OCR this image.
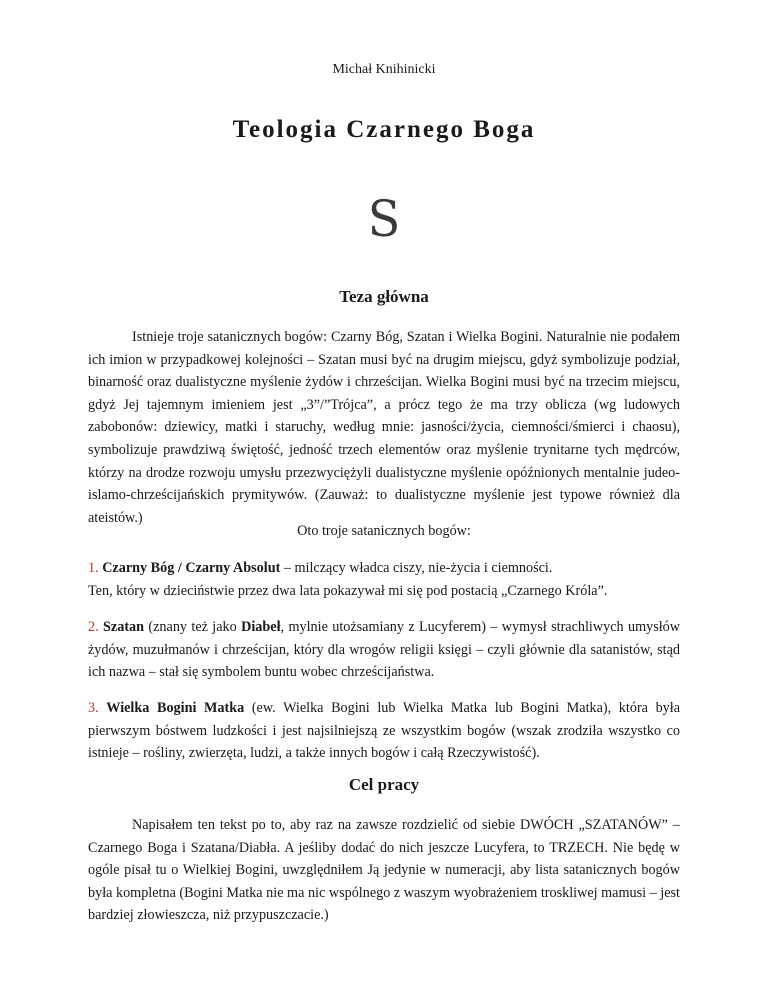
Michał Knihinicki
Teologia Czarnego Boga
S
Teza główna

Istnieje troje satanicznych bogów: Czarny Bóg, Szatan i Wielka Bogini. Naturalnie nie podałem ich imion w przypadkowej kolejności – Szatan musi być na drugim miejscu, gdyż symbolizuje podział, binarność oraz dualistyczne myślenie żydów i chrześcijan. Wielka Bogini musi być na trzecim miejscu, gdyż Jej tajemnym imieniem jest „3”/”Trójca”, a prócz tego że ma trzy oblicza (wg ludowych zabobonów: dziewicy, matki i staruchy, według mnie: jasności/życia, ciemności/śmierci i chaosu), symbolizuje prawdziwą świętość, jedność trzech elementów oraz myślenie trynitarne tych mędrców, którzy na drodze rozwoju umysłu przezwyciężyli dualistyczne myślenie opóźnionych mentalnie judeo-islamo-chrześcijańskich prymitywów. (Zauważ: to dualistyczne myślenie jest typowe również dla ateistów.)

Oto troje satanicznych bogów:

1. Czarny Bóg / Czarny Absolut – milczący władca ciszy, nie-życia i ciemności.
Ten, który w dzieciństwie przez dwa lata pokazywał mi się pod postacią „Czarnego Króla”.

2. Szatan (znany też jako Diabeł, mylnie utożsamiany z Lucyferem) – wymysł strachliwych umysłów żydów, muzułmanów i chrześcijan, który dla wrogów religii księgi – czyli głównie dla satanistów, stąd ich nazwa – stał się symbolem buntu wobec chrześcijaństwa.

3. Wielka Bogini Matka (ew. Wielka Bogini lub Wielka Matka lub Bogini Matka), która była pierwszym bóstwem ludzkości i jest najsilniejszą ze wszystkim bogów (wszak zrodziła wszystko co istnieje – rośliny, zwierzęta, ludzi, a także innych bogów i całą Rzeczywistość).

Cel pracy

Napisałem ten tekst po to, aby raz na zawsze rozdzielić od siebie DWÓCH „SZATANÓW” – Czarnego Boga i Szatana/Diabła. A jeśliby dodać do nich jeszcze Lucyfera, to TRZECH. Nie będę w ogóle pisał tu o Wielkiej Bogini, uwzględniłem Ją jedynie w numeracji, aby lista satanicznych bogów była kompletna (Bogini Matka nie ma nic wspólnego z waszym wyobrażeniem troskliwej mamusi – jest bardziej złowieszcza, niż przypuszczacie.)
